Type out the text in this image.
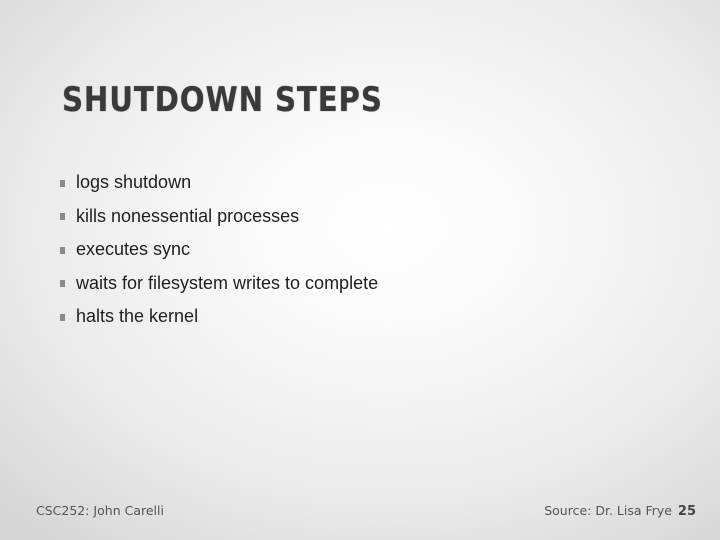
SHUTDOWN STEPS
logs shutdown
kills nonessential processes
executes sync
waits for filesystem writes to complete
halts the kernel
CSC252: John Carelli	Source: Dr. Lisa Frye 25
